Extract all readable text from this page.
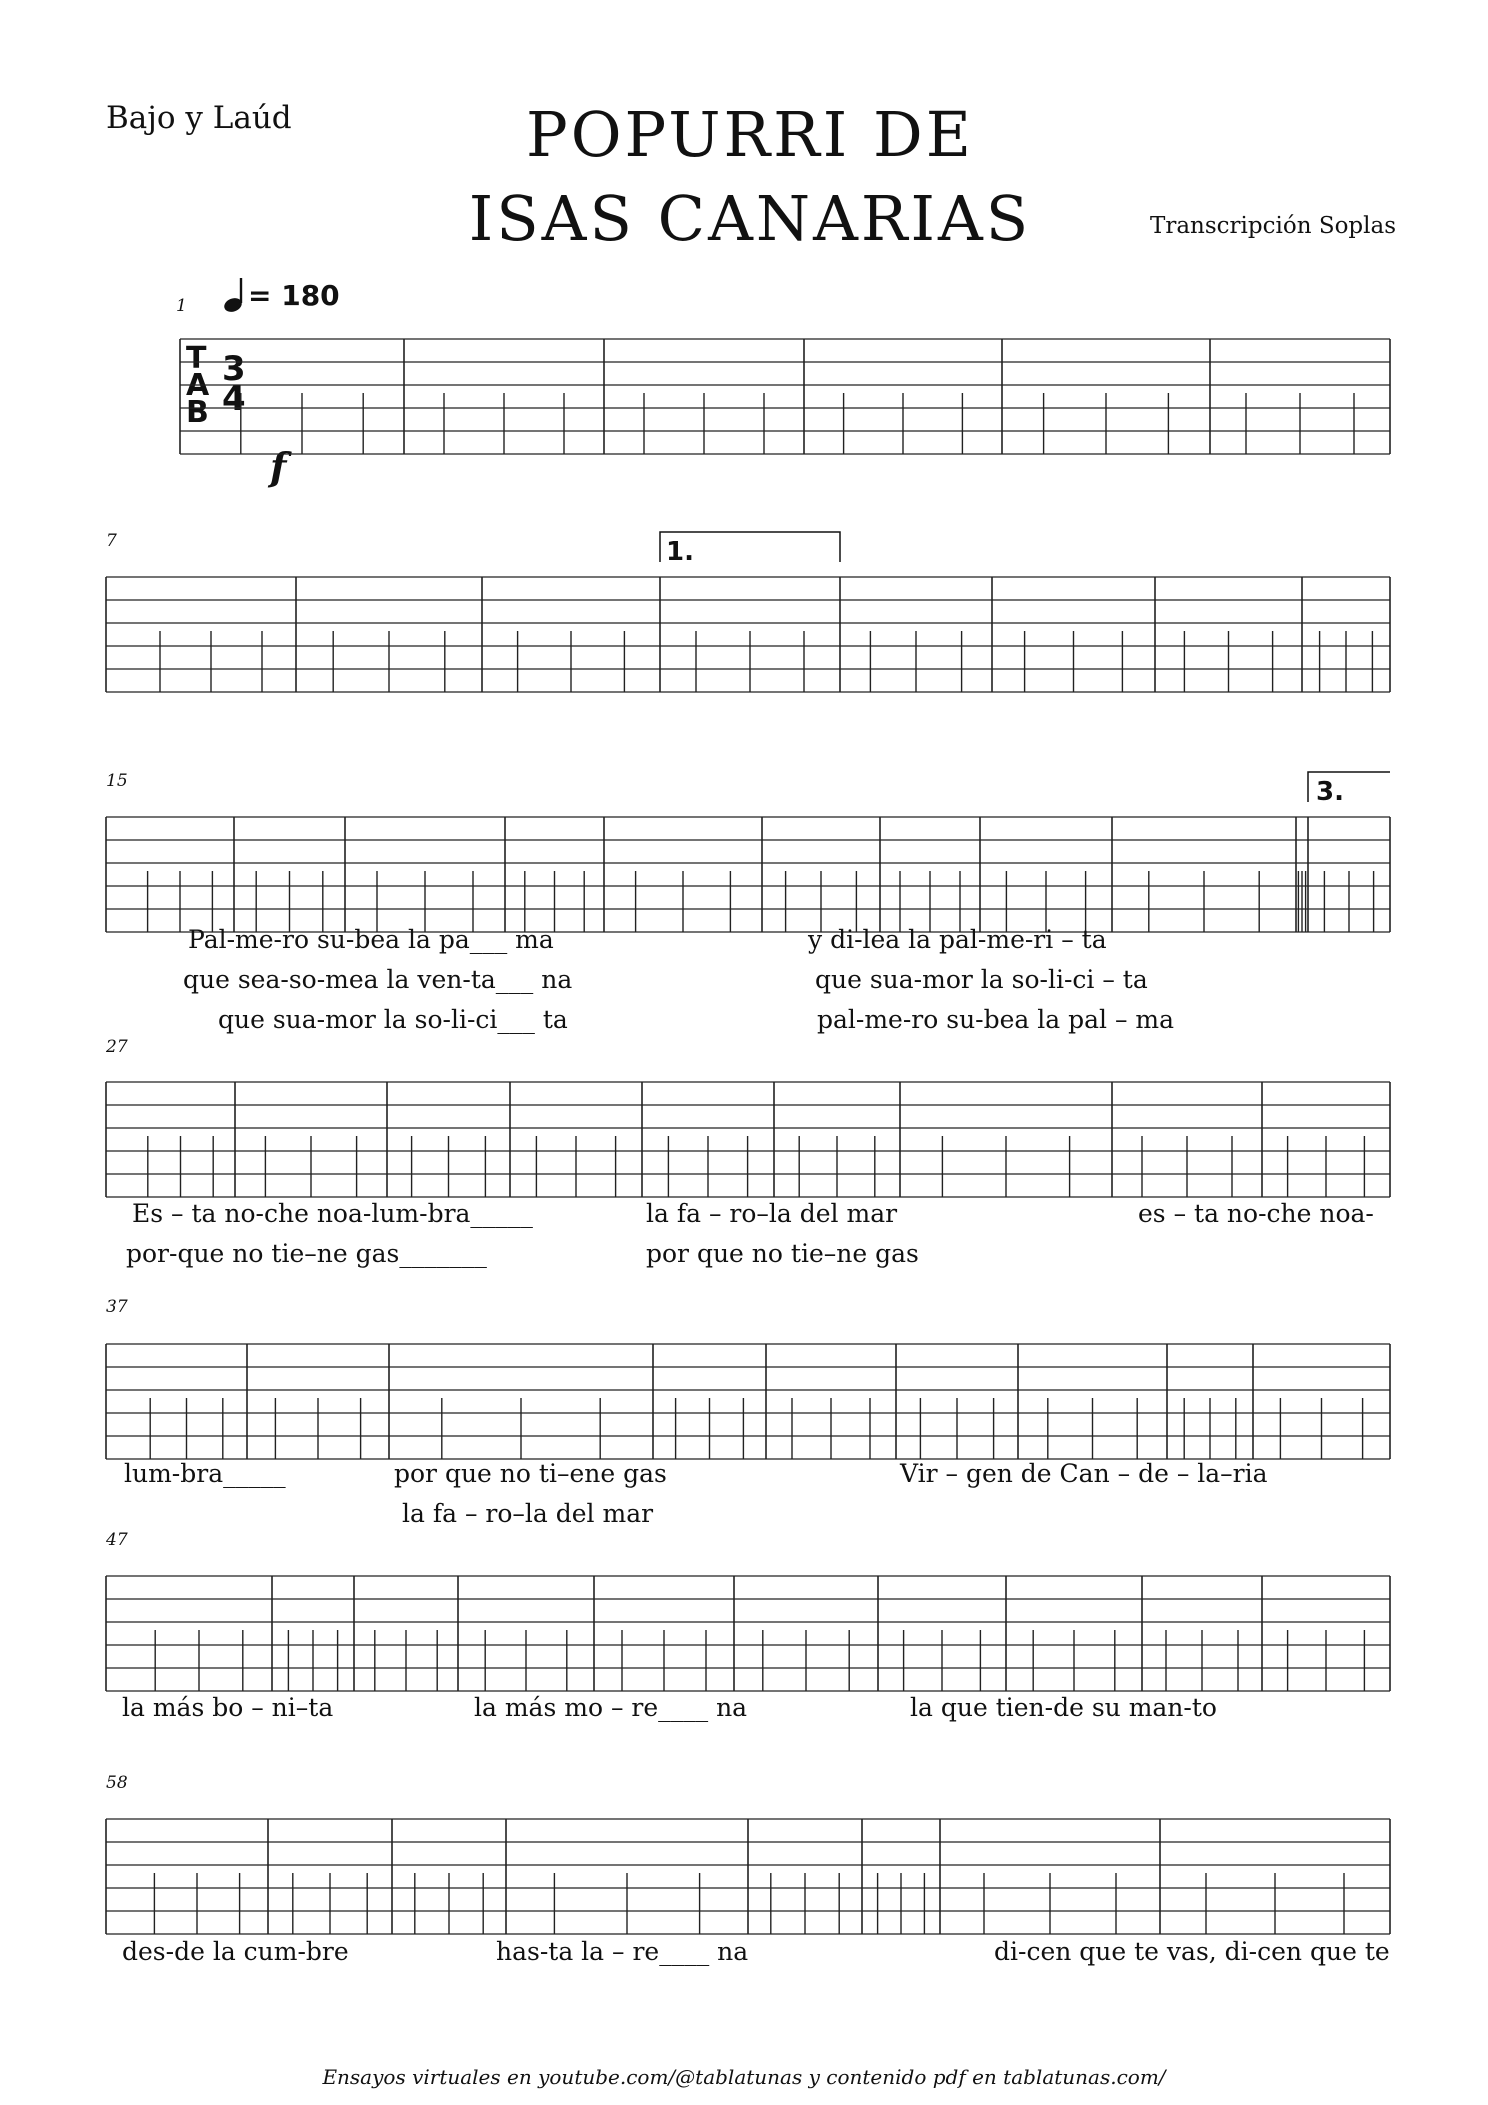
Bajo y Laúd	POPURRI DE
ISAS CANARIAS	Transcripción Soplas
1 = 180
f
T
A
B
3
4
1.
3.
7
15
27
37
47
58
Pal-me-ro su-bea la pa___ ma	y di-lea la pal-me-ri – ta
que sea-so-mea la ven-ta___ na	que sua-mor la so-li-ci – ta
que sua-mor la so-li-ci___ ta	pal-me-ro su-bea la pal – ma
Es – ta no-che noa-lum-bra_____	la fa – ro–la del mar	es – ta no-che noa-
por-que no tie–ne gas_______	por que no tie–ne gas
lum-bra_____	por que no ti–ene gas	Vir – gen de Can – de – la–ria
la fa – ro–la del mar
la más bo – ni–ta	la más mo – re____ na	la que tien-de su man-to
des-de la cum-bre	has-ta la – re____ na	di-cen que te vas, di-cen que te
Ensayos virtuales en youtube.com/@tablatunas y contenido pdf en tablatunas.com/
